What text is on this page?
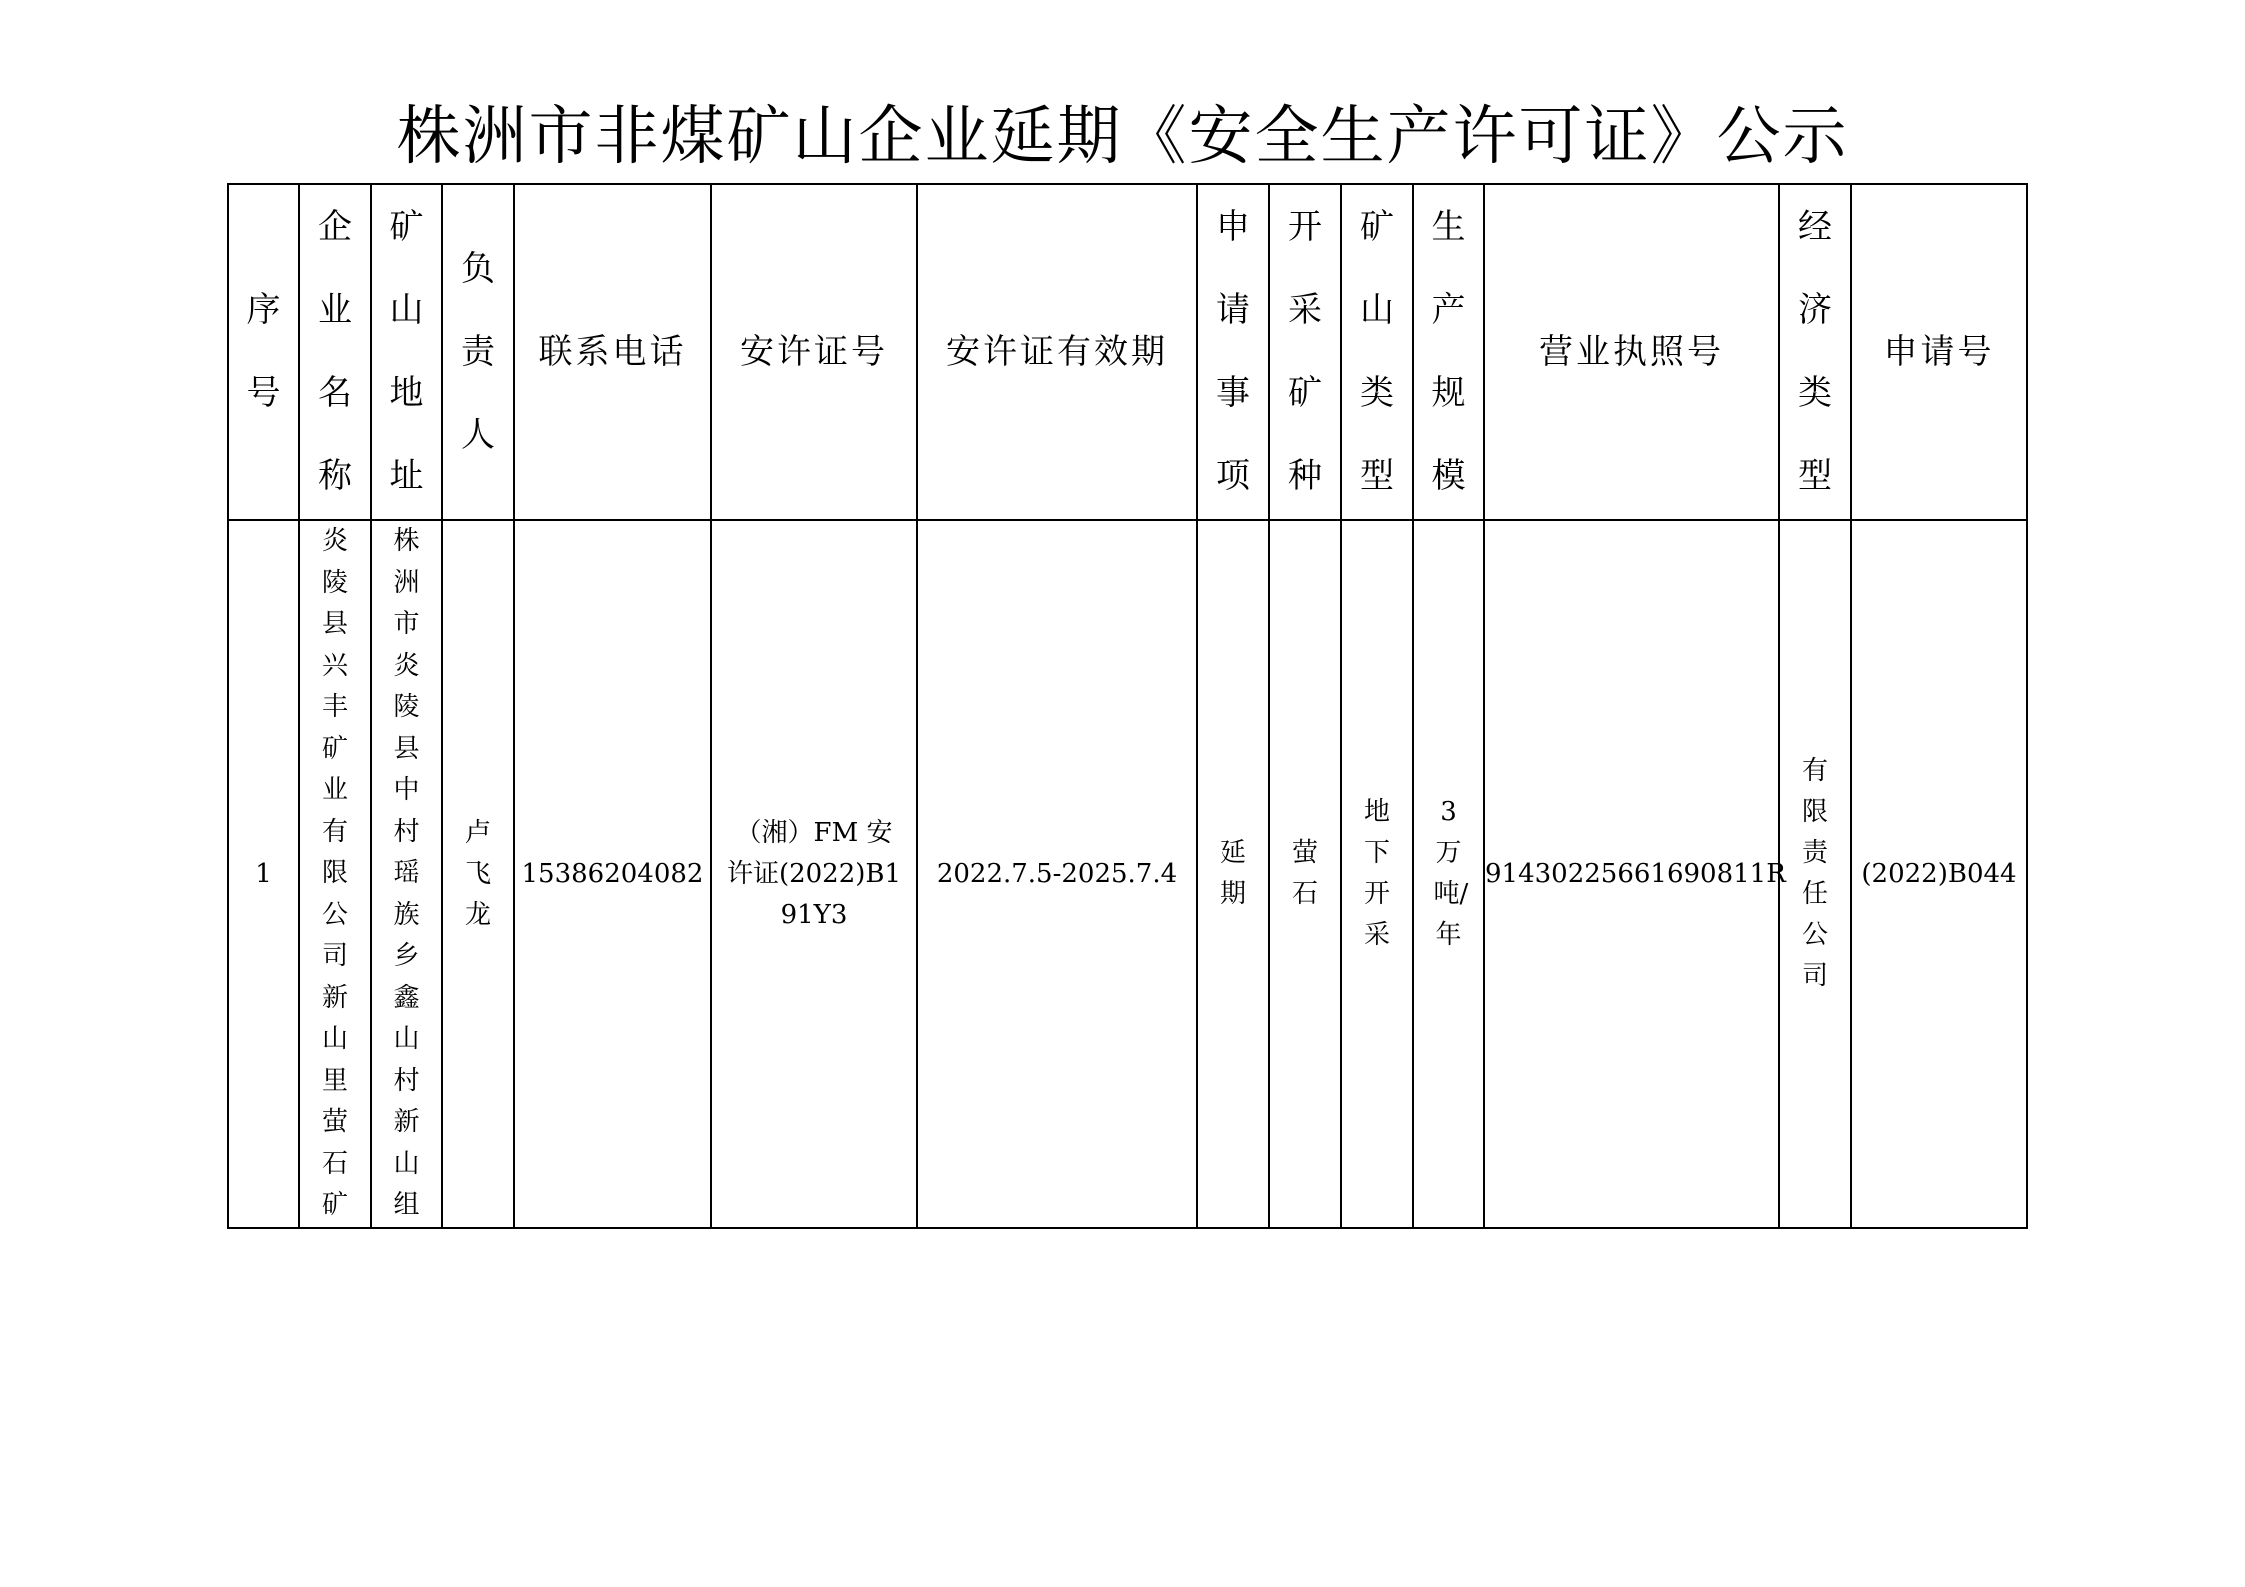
株洲市非煤矿山企业延期《安全生产许可证》公示
序号	企业名称	矿山地址	负责人	联系电话	安许证号	安许证有效期	申请事项	开采矿种	矿山类型	生产规模	营业执照号	经济类型	申请号
1	炎陵县兴丰矿业有限公司新山里萤石矿	株洲市炎陵县中村瑶族乡鑫山村新山组	卢飞龙	15386204082	（湘）FM 安许证(2022)B191Y3	2022.7.5-2025.7.4	延期	萤石	地下开采	3万吨/年	91430225661690811R	有限责任公司	(2022)B044
